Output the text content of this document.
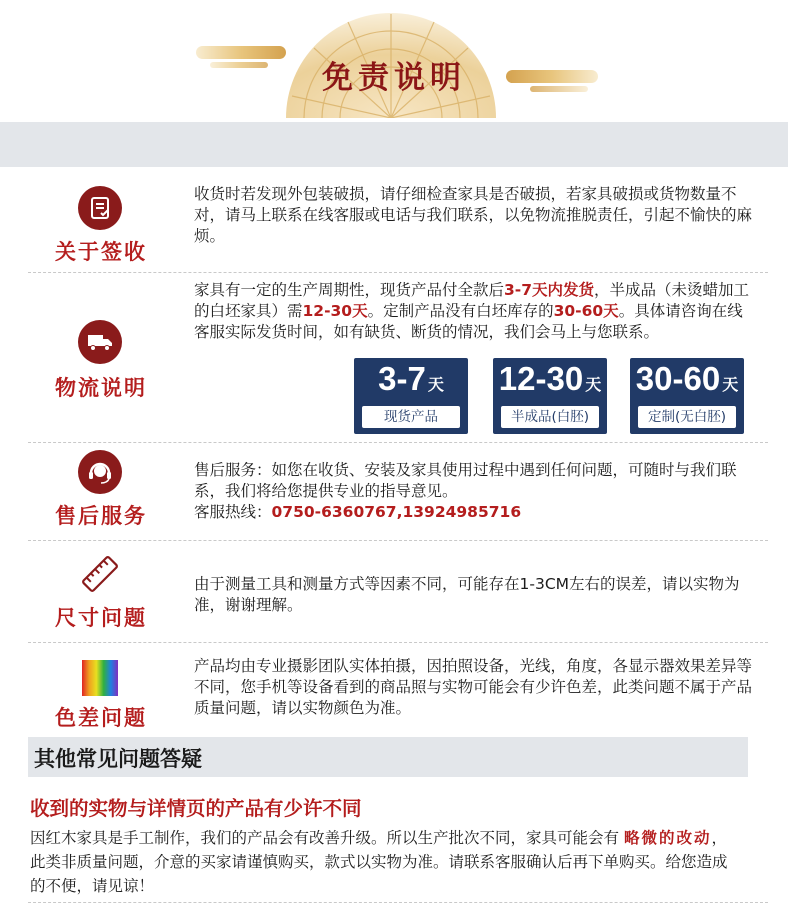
免责说明
关于签收
收货时若发现外包装破损，请仔细检查家具是否破损，若家具破损或货物数量不对，请马上联系在线客服或电话与我们联系，以免物流推脱责任，引起不愉快的麻烦。
物流说明
家具有一定的生产周期性，现货产品付全款后3-7天内发货，半成品（未烫蜡加工的白坯家具）需12-30天。定制产品没有白坯库存的30-60天。具体请咨询在线客服实际发货时间，如有缺货、断货的情况，我们会马上与您联系。
3-7 天
现货产品
12-30 天
半成品(白胚)
30-60 天
定制(无白胚)
售后服务
售后服务：如您在收货、安装及家具使用过程中遇到任何问题，可随时与我们联系，我们将给您提供专业的指导意见。
客服热线：0750-6360767,13924985716
尺寸问题
由于测量工具和测量方式等因素不同，可能存在1-3CM左右的误差，请以实物为准，谢谢理解。
色差问题
产品均由专业摄影团队实体拍摄，因拍照设备，光线，角度，各显示器效果差异等不同，您手机等设备看到的商品照与实物可能会有少许色差，此类问题不属于产品质量问题，请以实物颜色为准。
其他常见问题答疑
收到的实物与详情页的产品有少许不同
因红木家具是手工制作，我们的产品会有改善升级。所以生产批次不同，家具可能会有 略微的改动，此类非质量问题，介意的买家请谨慎购买，款式以实物为准。请联系客服确认后再下单购买。给您造成的不便，请见谅！
